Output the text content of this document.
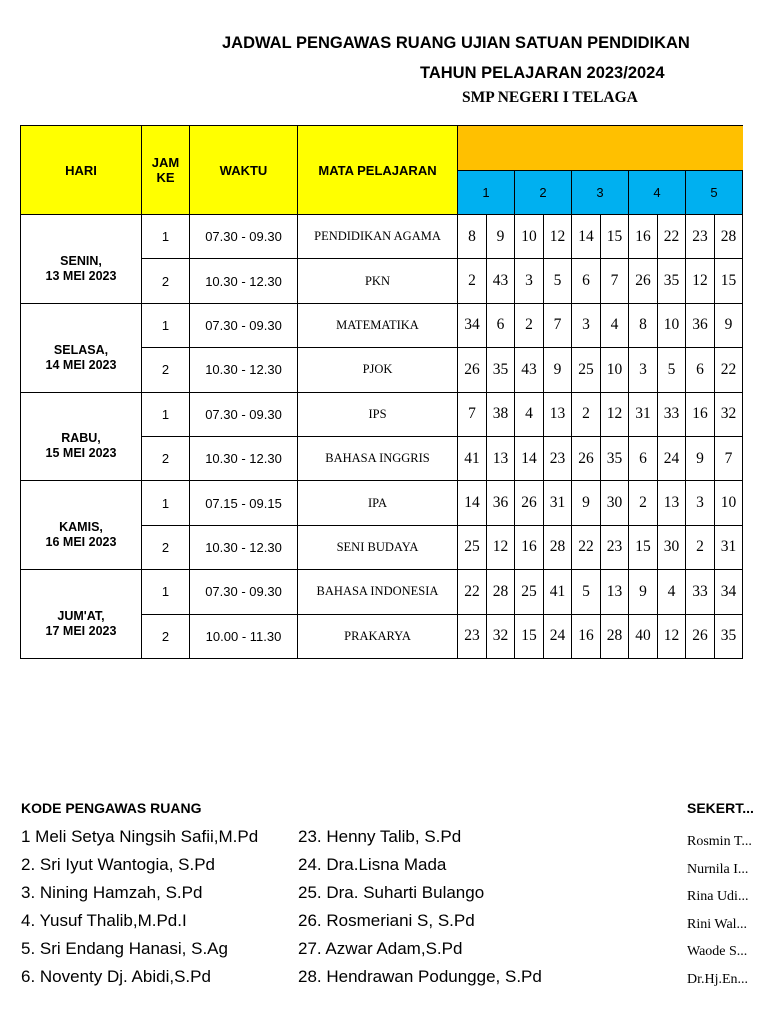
JADWAL PENGAWAS RUANG UJIAN SATUAN PENDIDIKAN
TAHUN PELAJARAN 2023/2024
SMP NEGERI I TELAGA
HARI	JAM KE	WAKTU	MATA PELAJARAN										
				1		2		3		4		5	

SENIN,
13 MEI 2023	1	07.30 - 09.30	PENDIDIKAN AGAMA	8	9	10	12	14	15	16	22	23	28
	2	10.30 - 12.30	PKN	2	43	3	5	6	7	26	35	12	15

SELASA,
14 MEI 2023	1	07.30 - 09.30	MATEMATIKA	34	6	2	7	3	4	8	10	36	9
	2	10.30 - 12.30	PJOK	26	35	43	9	25	10	3	5	6	22

RABU,
15 MEI 2023	1	07.30 - 09.30	IPS	7	38	4	13	2	12	31	33	16	32
	2	10.30 - 12.30	BAHASA INGGRIS	41	13	14	23	26	35	6	24	9	7

KAMIS,
16 MEI 2023	1	07.15 - 09.15	IPA	14	36	26	31	9	30	2	13	3	10
	2	10.30 - 12.30	SENI BUDAYA	25	12	16	28	22	23	15	30	2	31

JUM'AT,
17 MEI 2023	1	07.30 - 09.30	BAHASA INDONESIA	22	28	25	41	5	13	9	4	33	34
	2	10.00 - 11.30	PRAKARYA	23	32	15	24	16	28	40	12	26	35
KODE PENGAWAS RUANG
1 Meli Setya Ningsih Safii,M.Pd
2. Sri Iyut Wantogia, S.Pd
3. Nining Hamzah, S.Pd
4. Yusuf Thalib,M.Pd.I
5. Sri Endang Hanasi, S.Ag
6. Noventy Dj. Abidi,S.Pd
23. Henny Talib, S.Pd
24. Dra.Lisna Mada
25. Dra. Suharti Bulango
26. Rosmeriani S, S.Pd
27. Azwar Adam,S.Pd
28. Hendrawan Podungge, S.Pd
SEKERT...
Rosmin T...
Nurnila I...
Rina Udi...
Rini Wal...
Waode S...
Dr.Hj.En...
